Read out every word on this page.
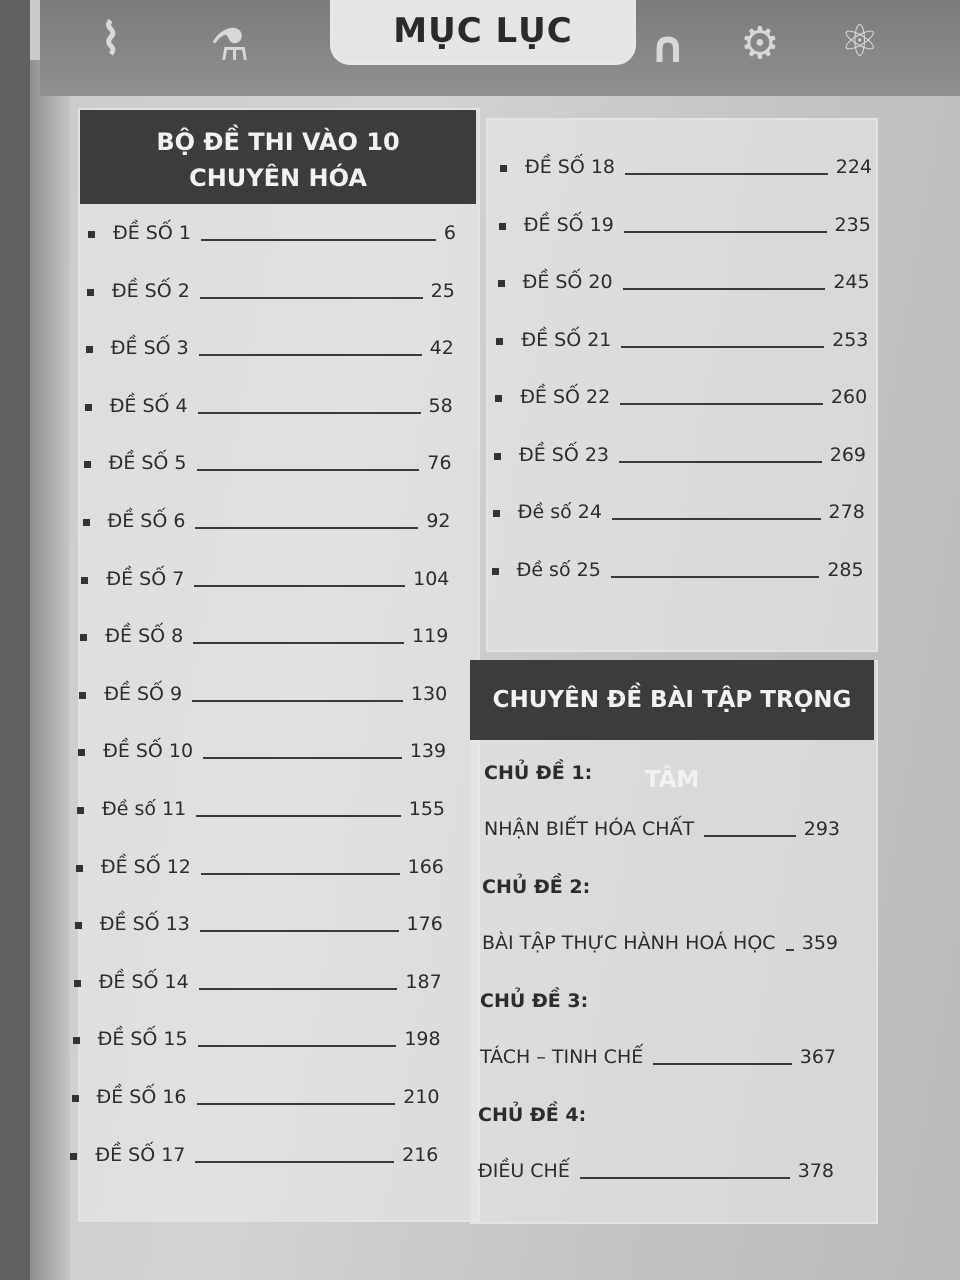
⌇ ⚗	∩ ⚙ ⚛
MỤC LỤC
BỘ ĐỀ THI VÀO 10
CHUYÊN HÓA
ĐỀ SỐ 1	6
ĐỀ SỐ 2	25
ĐỀ SỐ 3	42
ĐỀ SỐ 4	58
ĐỀ SỐ 5	76
ĐỀ SỐ 6	92
ĐỀ SỐ 7	104
ĐỀ SỐ 8	119
ĐỀ SỐ 9	130
ĐỀ SỐ 10	139
Đề số 11	155
ĐỀ SỐ 12	166
ĐỀ SỐ 13	176
ĐỀ SỐ 14	187
ĐỀ SỐ 15	198
ĐỀ SỐ 16	210
ĐỀ SỐ 17	216
ĐỀ SỐ 18	224
ĐỀ SỐ 19	235
ĐỀ SỐ 20	245
ĐỀ SỐ 21	253
ĐỀ SỐ 22	260
ĐỀ SỐ 23	269
Đề số 24	278
Đề số 25	285
CHUYÊN ĐỀ BÀI TẬP TRỌNG TÂM
CHỦ ĐỀ 1:
NHẬN BIẾT HÓA CHẤT	293
CHỦ ĐỀ 2:
BÀI TẬP THỰC HÀNH HOÁ HỌC 359
CHỦ ĐỀ 3:
TÁCH – TINH CHẾ	367
CHỦ ĐỀ 4:
ĐIỀU CHẾ	378
